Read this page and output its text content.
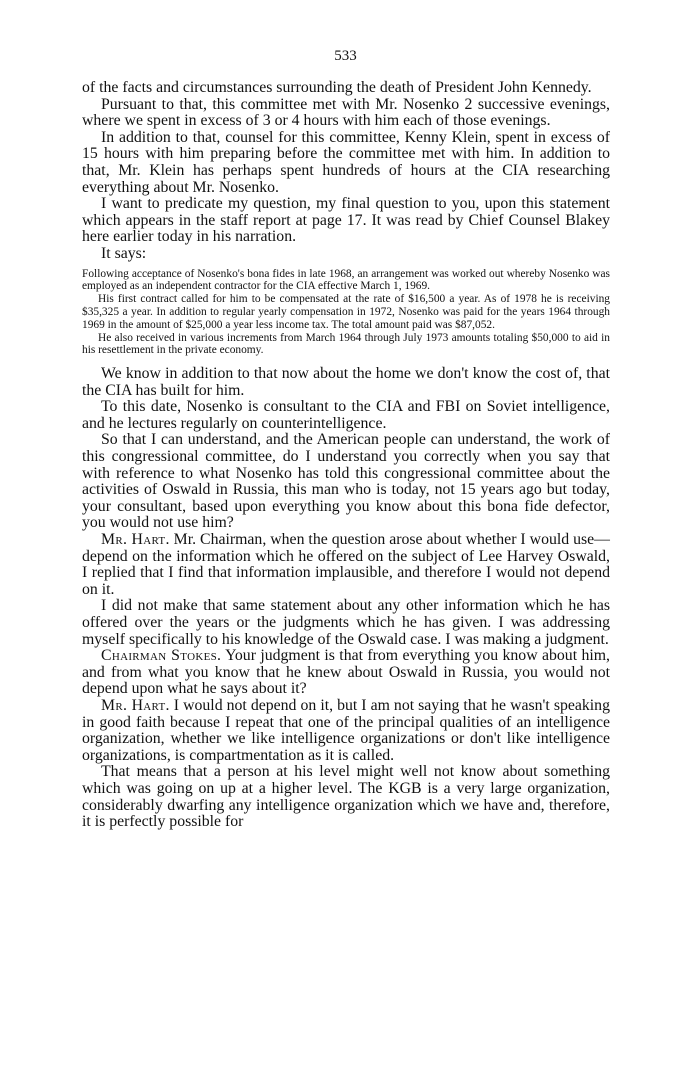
533

of the facts and circumstances surrounding the death of President John Kennedy.

Pursuant to that, this committee met with Mr. Nosenko 2 successive evenings, where we spent in excess of 3 or 4 hours with him each of those evenings.

In addition to that, counsel for this committee, Kenny Klein, spent in excess of 15 hours with him preparing before the committee met with him. In addition to that, Mr. Klein has perhaps spent hundreds of hours at the CIA researching everything about Mr. Nosenko.

I want to predicate my question, my final question to you, upon this statement which appears in the staff report at page 17. It was read by Chief Counsel Blakey here earlier today in his narration.

It says:

Following acceptance of Nosenko's bona fides in late 1968, an arrangement was worked out whereby Nosenko was employed as an independent contractor for the CIA effective March 1, 1969.

His first contract called for him to be compensated at the rate of $16,500 a year. As of 1978 he is receiving $35,325 a year. In addition to regular yearly compensation in 1972, Nosenko was paid for the years 1964 through 1969 in the amount of $25,000 a year less income tax. The total amount paid was $87,052.

He also received in various increments from March 1964 through July 1973 amounts totaling $50,000 to aid in his resettlement in the private economy.

We know in addition to that now about the home we don't know the cost of, that the CIA has built for him.

To this date, Nosenko is consultant to the CIA and FBI on Soviet intelligence, and he lectures regularly on counterintelligence.

So that I can understand, and the American people can understand, the work of this congressional committee, do I understand you correctly when you say that with reference to what Nosenko has told this congressional committee about the activities of Oswald in Russia, this man who is today, not 15 years ago but today, your consultant, based upon everything you know about this bona fide defector, you would not use him?

Mr. Hart. Mr. Chairman, when the question arose about whether I would use—depend on the information which he offered on the subject of Lee Harvey Oswald, I replied that I find that information implausible, and therefore I would not depend on it.

I did not make that same statement about any other information which he has offered over the years or the judgments which he has given. I was addressing myself specifically to his knowledge of the Oswald case. I was making a judgment.

Chairman Stokes. Your judgment is that from everything you know about him, and from what you know that he knew about Oswald in Russia, you would not depend upon what he says about it?

Mr. Hart. I would not depend on it, but I am not saying that he wasn't speaking in good faith because I repeat that one of the principal qualities of an intelligence organization, whether we like intelligence organizations or don't like intelligence organizations, is compartmentation as it is called.

That means that a person at his level might well not know about something which was going on up at a higher level. The KGB is a very large organization, considerably dwarfing any intelligence organization which we have and, therefore, it is perfectly possible for
